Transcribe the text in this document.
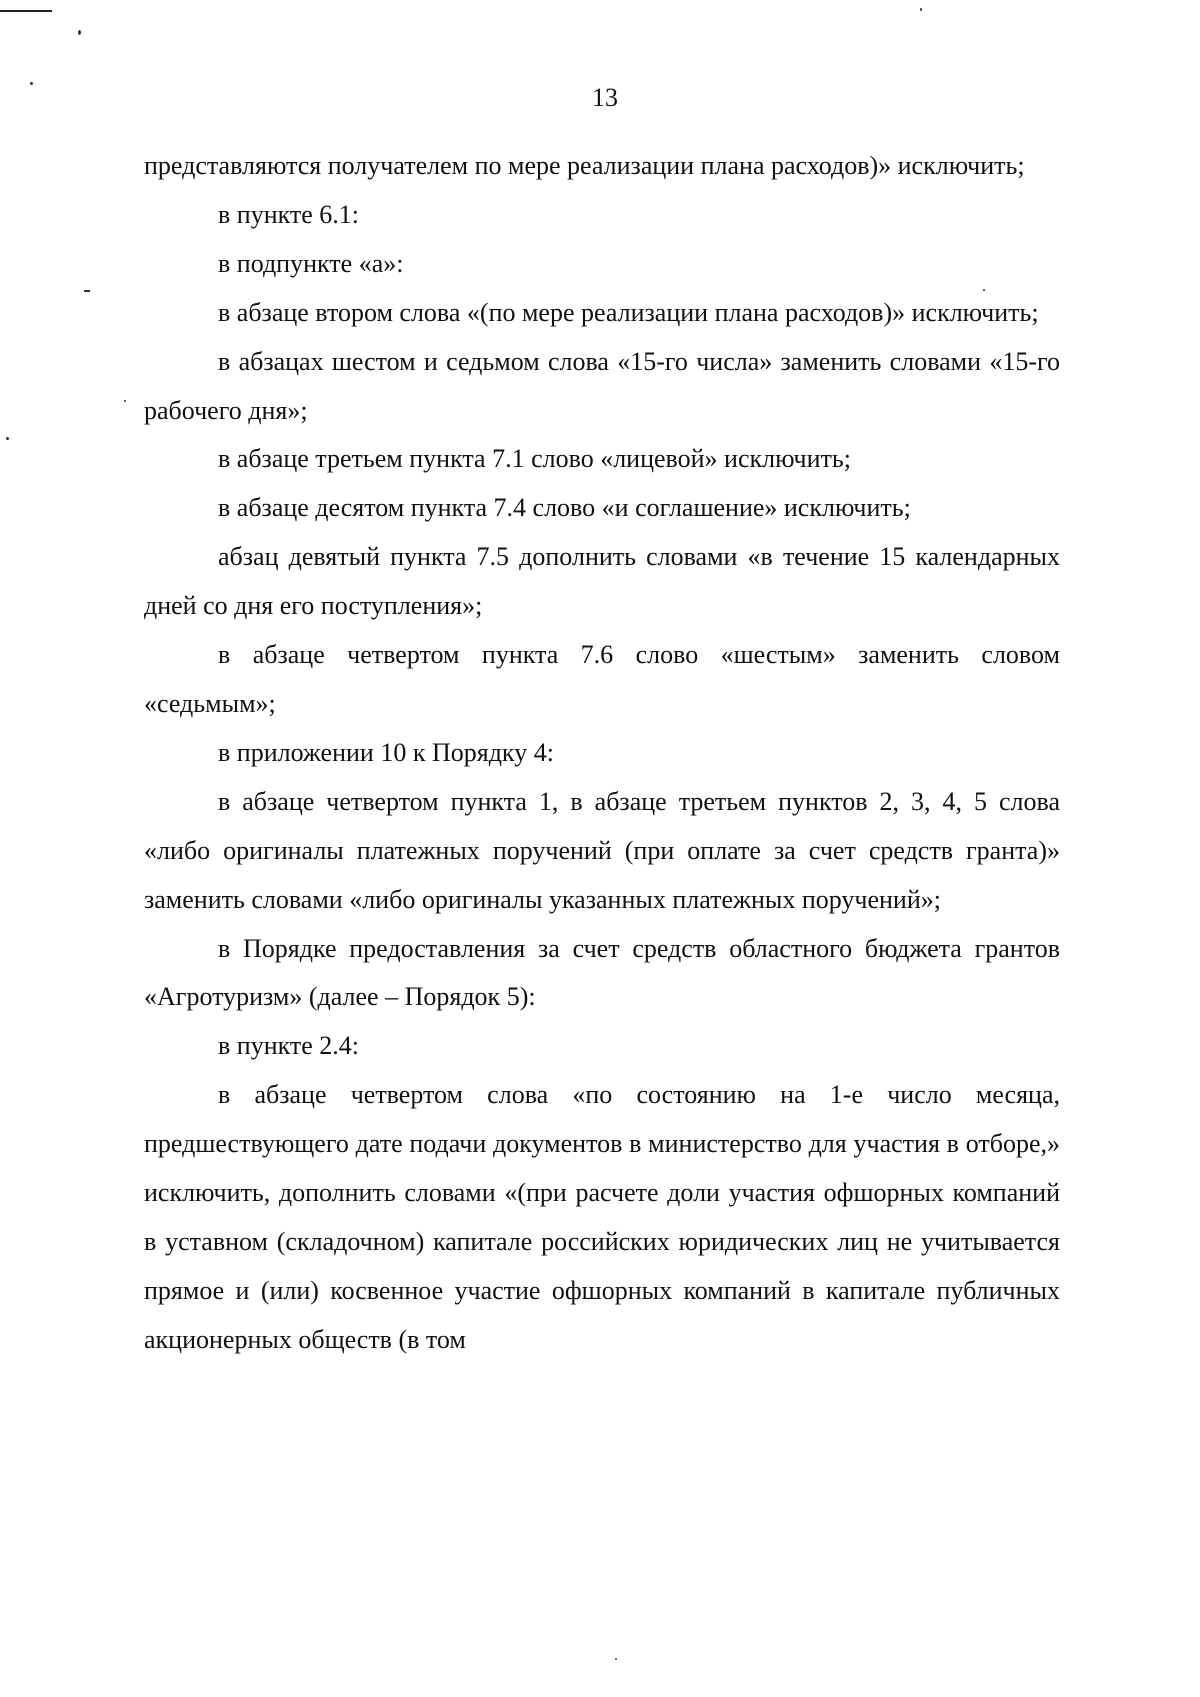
13

представляются получателем по мере реализации плана расходов)» исключить;

в пункте 6.1:

в подпункте «а»:

в абзаце втором слова «(по мере реализации плана расходов)» исключить;

в абзацах шестом и седьмом слова «15-го числа» заменить словами «15-го рабочего дня»;

в абзаце третьем пункта 7.1 слово «лицевой» исключить;

в абзаце десятом пункта 7.4 слово «и соглашение» исключить;

абзац девятый пункта 7.5 дополнить словами «в течение 15 календарных дней со дня его поступления»;

в абзаце четвертом пункта 7.6 слово «шестым» заменить словом «седьмым»;

в приложении 10 к Порядку 4:

в абзаце четвертом пункта 1, в абзаце третьем пунктов 2, 3, 4, 5 слова «либо оригиналы платежных поручений (при оплате за счет средств гранта)» заменить словами «либо оригиналы указанных платежных поручений»;

в Порядке предоставления за счет средств областного бюджета грантов «Агротуризм» (далее – Порядок 5):

в пункте 2.4:

в абзаце четвертом слова «по состоянию на 1-е число месяца, предшествующего дате подачи документов в министерство для участия в отборе,» исключить, дополнить словами «(при расчете доли участия офшорных компаний в уставном (складочном) капитале российских юридических лиц не учитывается прямое и (или) косвенное участие офшорных компаний в капитале публичных акционерных обществ (в том
